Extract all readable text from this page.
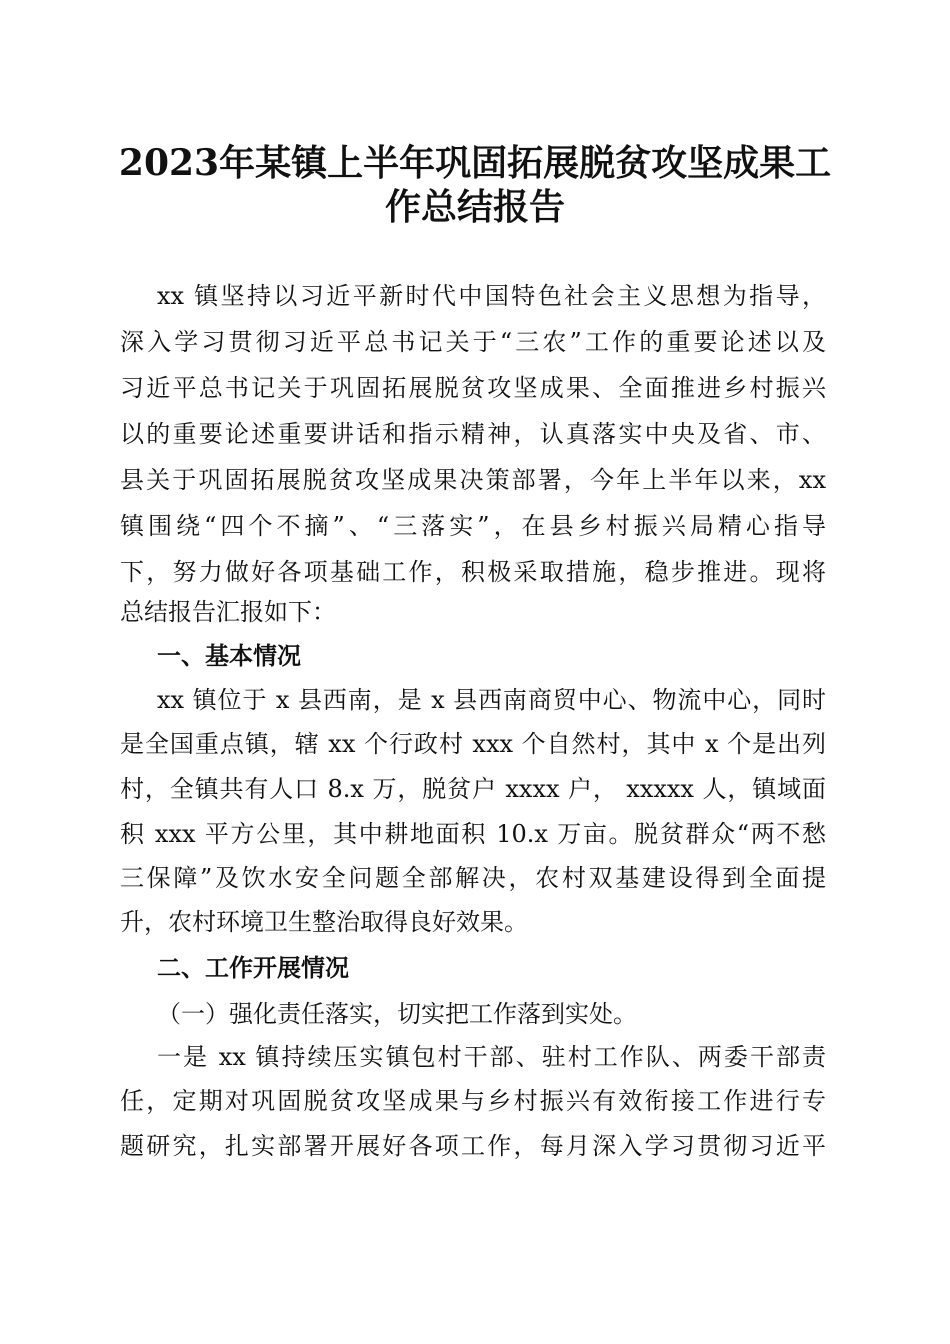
2023年某镇上半年巩固拓展脱贫攻坚成果工
作总结报告

xx 镇坚持以习近平新时代中国特色社会主义思想为指导，

深入学习贯彻习近平总书记关于“三农”工作的重要论述以及

习近平总书记关于巩固拓展脱贫攻坚成果、全面推进乡村振兴

以的重要论述重要讲话和指示精神，认真落实中央及省、市、

县关于巩固拓展脱贫攻坚成果决策部署，今年上半年以来，xx

镇围绕“四个不摘”、“三落实”，在县乡村振兴局精心指导

下，努力做好各项基础工作，积极采取措施，稳步推进。现将

总结报告汇报如下：

一、基本情况

xx 镇位于 x 县西南，是 x 县西南商贸中心、物流中心，同时

是全国重点镇，辖 xx 个行政村 xxx 个自然村，其中 x 个是出列

村，全镇共有人口 8.x 万，脱贫户 xxxx 户， xxxxx 人，镇域面

积 xxx 平方公里，其中耕地面积 10.x 万亩。脱贫群众“两不愁

三保障”及饮水安全问题全部解决，农村双基建设得到全面提

升，农村环境卫生整治取得良好效果。

二、工作开展情况

（一）强化责任落实，切实把工作落到实处。

一是 xx 镇持续压实镇包村干部、驻村工作队、两委干部责

任，定期对巩固脱贫攻坚成果与乡村振兴有效衔接工作进行专

题研究，扎实部署开展好各项工作，每月深入学习贯彻习近平
